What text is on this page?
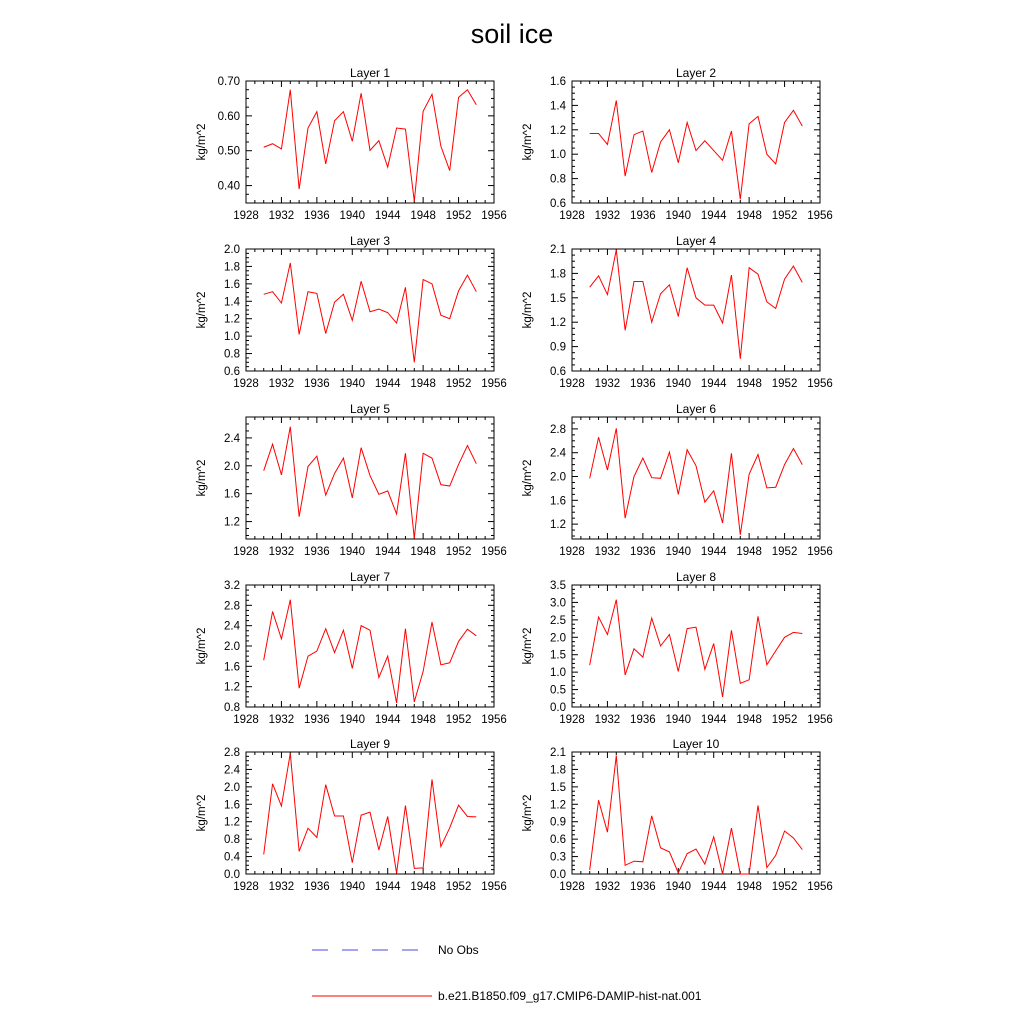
soil ice
Layer 1
1928 1932 1936 1940 1944 1948 1952 1956
0.40
0.50
0.60
0.70
kg/m^2
Layer 2
1928 1932 1936 1940 1944 1948 1952 1956
0.6
0.8
1.0
1.2
1.4
1.6
kg/m^2
Layer 3
1928 1932 1936 1940 1944 1948 1952 1956
0.6
0.8
1.0
1.2
1.4
1.6
1.8
2.0
kg/m^2
Layer 4
1928 1932 1936 1940 1944 1948 1952 1956
0.6
0.9
1.2
1.5
1.8
2.1
kg/m^2
Layer 5
1928 1932 1936 1940 1944 1948 1952 1956
1.2
1.6
2.0
2.4
kg/m^2
Layer 6
1928 1932 1936 1940 1944 1948 1952 1956
1.2
1.6
2.0
2.4
2.8
kg/m^2
Layer 7
1928 1932 1936 1940 1944 1948 1952 1956
0.8
1.2
1.6
2.0
2.4
2.8
3.2
kg/m^2
Layer 8
1928 1932 1936 1940 1944 1948 1952 1956
0.0
0.5
1.0
1.5
2.0
2.5
3.0
3.5
kg/m^2
Layer 9
1928 1932 1936 1940 1944 1948 1952 1956
0.0
0.4
0.8
1.2
1.6
2.0
2.4
2.8
kg/m^2
Layer 10
1928 1932 1936 1940 1944 1948 1952 1956
0.0
0.3
0.6
0.9
1.2
1.5
1.8
2.1
kg/m^2
No Obs
b.e21.B1850.f09_g17.CMIP6-DAMIP-hist-nat.001
